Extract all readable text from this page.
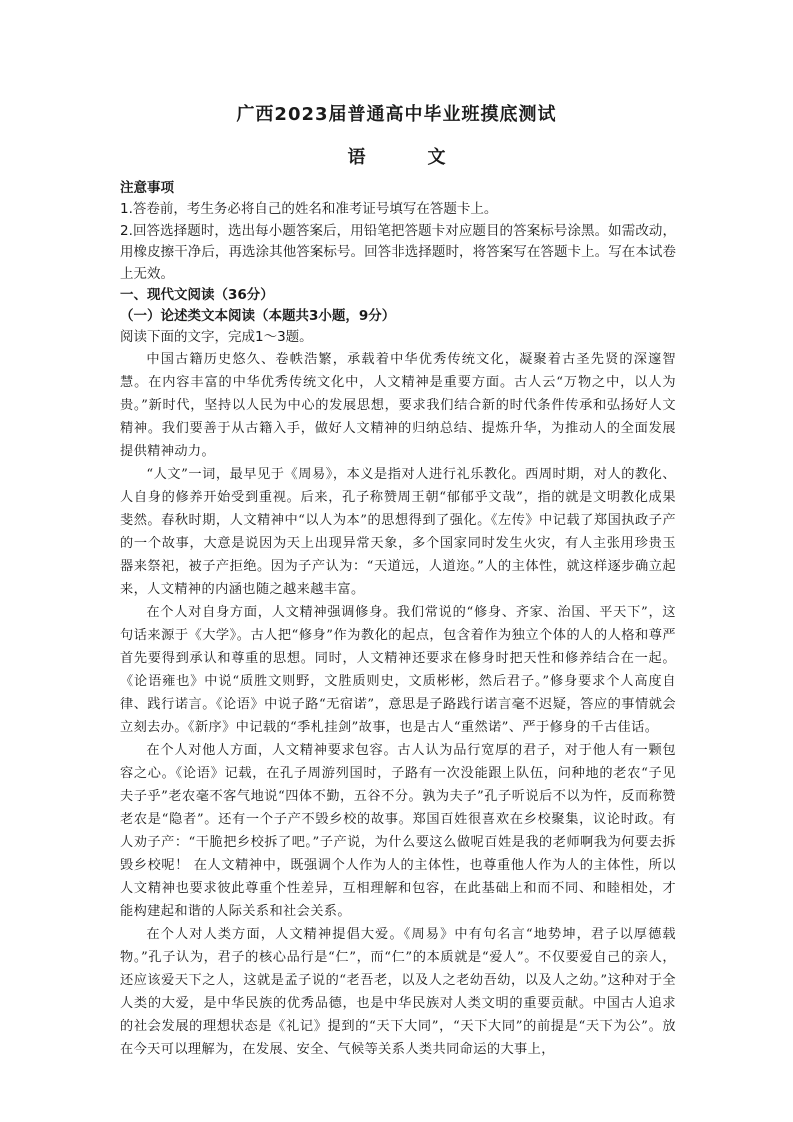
广西2023届普通高中毕业班摸底测试
语　文

注意事项

1.答卷前，考生务必将自己的姓名和准考证号填写在答题卡上。

2.回答选择题时，选出每小题答案后，用铅笔把答题卡对应题目的答案标号涂黑。如需改动，用橡皮擦干净后，再选涂其他答案标号。回答非选择题时，将答案写在答题卡上。写在本试卷上无效。

一、现代文阅读（36分）

（一）论述类文本阅读（本题共3小题，9分）

阅读下面的文字，完成1～3题。

中国古籍历史悠久、卷帙浩繁，承载着中华优秀传统文化，凝聚着古圣先贤的深邃智慧。在内容丰富的中华优秀传统文化中，人文精神是重要方面。古人云“万物之中，以人为贵。”新时代，坚持以人民为中心的发展思想，要求我们结合新的时代条件传承和弘扬好人文精神。我们要善于从古籍入手，做好人文精神的归纳总结、提炼升华，为推动人的全面发展提供精神动力。

“人文”一词，最早见于《周易》，本义是指对人进行礼乐教化。西周时期，对人的教化、人自身的修养开始受到重视。后来，孔子称赞周王朝“郁郁乎文哉”，指的就是文明教化成果斐然。春秋时期，人文精神中“以人为本”的思想得到了强化。《左传》中记载了郑国执政子产的一个故事，大意是说因为天上出现异常天象，多个国家同时发生火灾，有人主张用珍贵玉器来祭祀，被子产拒绝。因为子产认为：“天道远，人道迩。”人的主体性，就这样逐步确立起来，人文精神的内涵也随之越来越丰富。

在个人对自身方面，人文精神强调修身。我们常说的“修身、齐家、治国、平天下”，这句话来源于《大学》。古人把“修身”作为教化的起点，包含着作为独立个体的人的人格和尊严首先要得到承认和尊重的思想。同时，人文精神还要求在修身时把天性和修养结合在一起。《论语雍也》中说“质胜文则野，文胜质则史，文质彬彬，然后君子。”修身要求个人高度自律、践行诺言。《论语》中说子路“无宿诺”，意思是子路践行诺言毫不迟疑，答应的事情就会立刻去办。《新序》中记载的“季札挂剑”故事，也是古人“重然诺”、严于修身的千古佳话。

在个人对他人方面，人文精神要求包容。古人认为品行宽厚的君子，对于他人有一颗包容之心。《论语》记载，在孔子周游列国时，子路有一次没能跟上队伍，问种地的老农“子见夫子乎”老农毫不客气地说“四体不勤，五谷不分。孰为夫子”孔子听说后不以为忤，反而称赞老农是“隐者”。还有一个子产不毁乡校的故事。郑国百姓很喜欢在乡校聚集，议论时政。有人劝子产：“干脆把乡校拆了吧。”子产说，为什么要这么做呢百姓是我的老师啊我为何要去拆毁乡校呢！ 在人文精神中，既强调个人作为人的主体性，也尊重他人作为人的主体性，所以人文精神也要求彼此尊重个性差异，互相理解和包容，在此基础上和而不同、和睦相处，才能构建起和谐的人际关系和社会关系。

在个人对人类方面，人文精神提倡大爱。《周易》中有句名言“地势坤，君子以厚德载物。”孔子认为，君子的核心品行是“仁”，而“仁”的本质就是“爱人”。不仅要爱自己的亲人，还应该爱天下之人，这就是孟子说的“老吾老，以及人之老幼吾幼，以及人之幼。”这种对于全人类的大爱，是中华民族的优秀品德，也是中华民族对人类文明的重要贡献。中国古人追求的社会发展的理想状态是《礼记》提到的“天下大同”，“天下大同”的前提是“天下为公”。放在今天可以理解为，在发展、安全、气候等关系人类共同命运的大事上，
